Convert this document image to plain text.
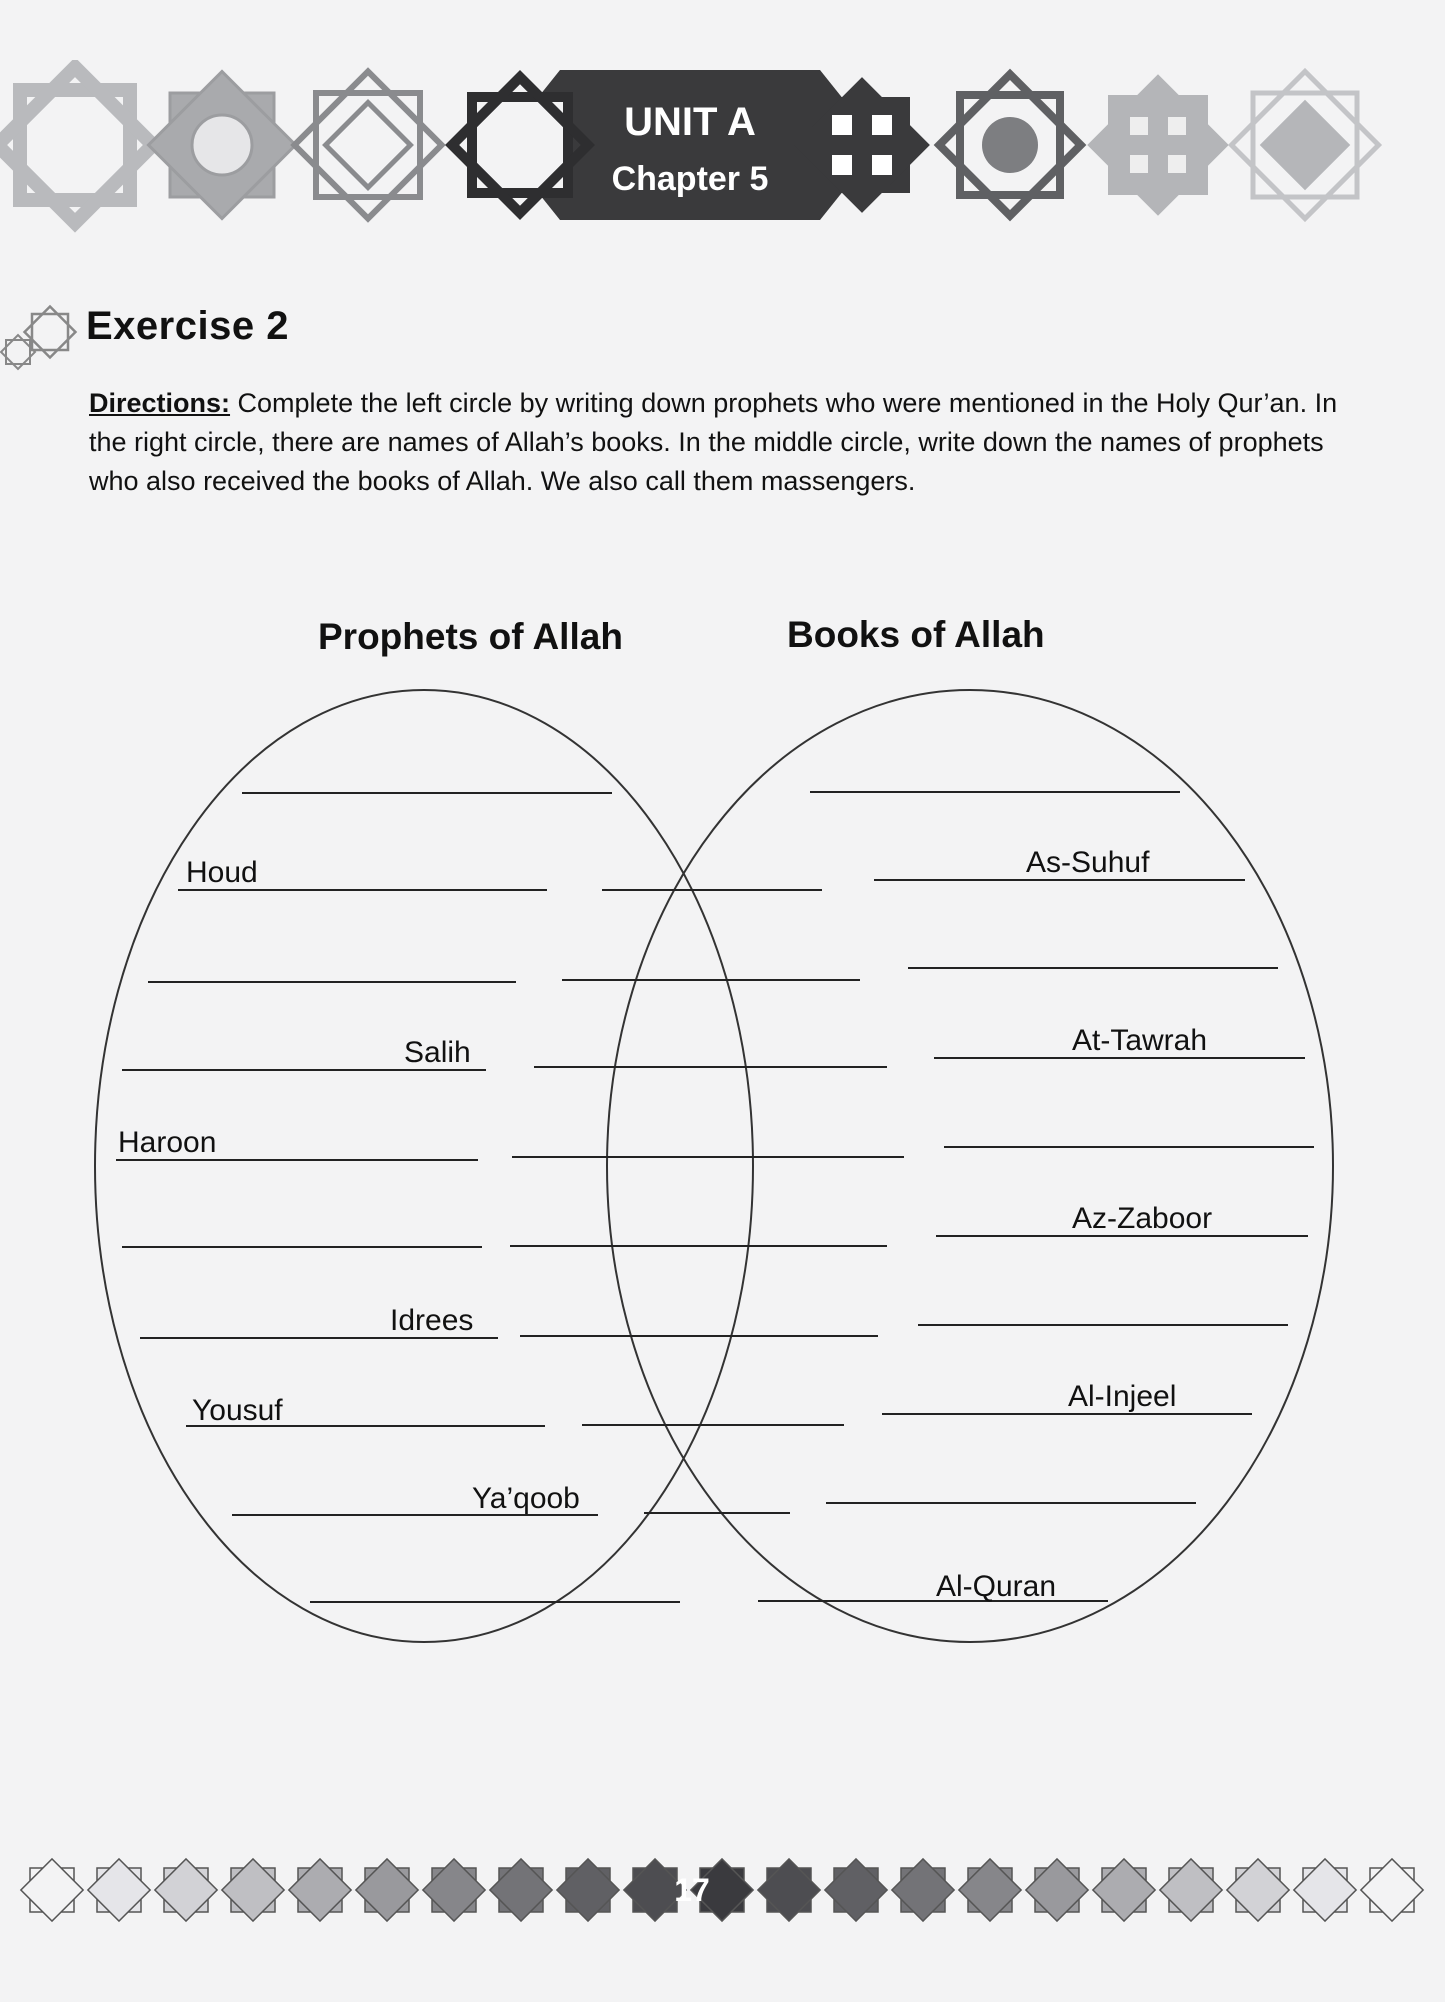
UNIT A
Chapter 5
Exercise 2
Directions: Complete the left circle by writing down prophets who were mentioned in the Holy Qur’an. In the right circle, there are names of Allah’s books. In the middle circle, write down the names of prophets who also received the books of Allah. We also call them massengers.
Prophets of Allah	Books of Allah
Houd
Salih
Haroon
Idrees
Yousuf
Ya’qoob
As-Suhuf
At-Tawrah
Az-Zaboor
Al-Injeel
Al-Quran
17
